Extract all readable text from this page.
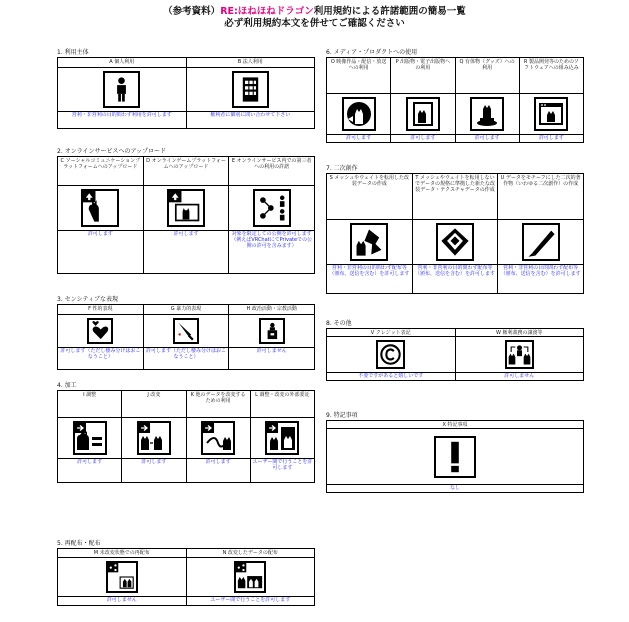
（参考資料）RE:ほねほねドラゴン利用規約による許諾範囲の簡易一覧
必ず利用規約本文を併せてご確認ください
1. 利用主体
A 個人利用
営利・非営利の目的問わず利用を許可します
B 法人利用
権利者に個別に問い合わせて下さい
2. オンラインサービスへのアップロード
C ソーシャルコミュニケーションプラットフォームへのアップロード
許可します
D オンラインゲームプラットフォームへのアップロード
許可します
E オンラインサービス内での第三者への利用の許諾
対象を限定しての公開を許可します（例えばVRChatにてPrivateでの公開の許可を含みます）
3. センシティブな表現
F 性的表現
許可します（ただし棲み分けはおこなうこと）
G 暴力的表現
許可します（ただし棲み分けはおこなうこと）
H 政治活動・宗教活動
許可しません
4. 加工
I 調整
許可します
J 改変
許可します
K 他のデータを改変するための利用
許可します
L 調整・改変の外部委託
ユーザー間で行うことを許可します
5. 再配布・配布
M 未改変状態での再配布
許可しません
N 改変したデータの配布
ユーザー間で行うことを許可します
6. メディア・プロダクトへの使用
O 映像作品・配信・放送への利用
許可します
P 出版物・電子出版物への利用
許可します
Q 有体物（グッズ）への利用
許可します
R 製品開発等のためのソフトウェアへの組み込み
許可します
7. 二次創作
S メッシュやウェイトを転用した改装データの作成
営利・非営利の目的問わず配布等（頒布、送信を含む）を許可します
T メッシュやウェイトを転用しないでデータの規格に準拠した新たな改装データ・テクスチャデータの作成
営利・非営利の目的問わず配布等（頒布、送信を含む）を許可します
U データをモチーフにした二次的著作物（いわゆる二次創作）の作成
営利・非営利の目的問わず配布等（頒布、送信を含む）を許可します
8. その他
V クレジット表記
不要ですがあると嬉しいです
W 権利義務の譲渡等
許可しません
9. 特記事項
X 特記事項
なし
